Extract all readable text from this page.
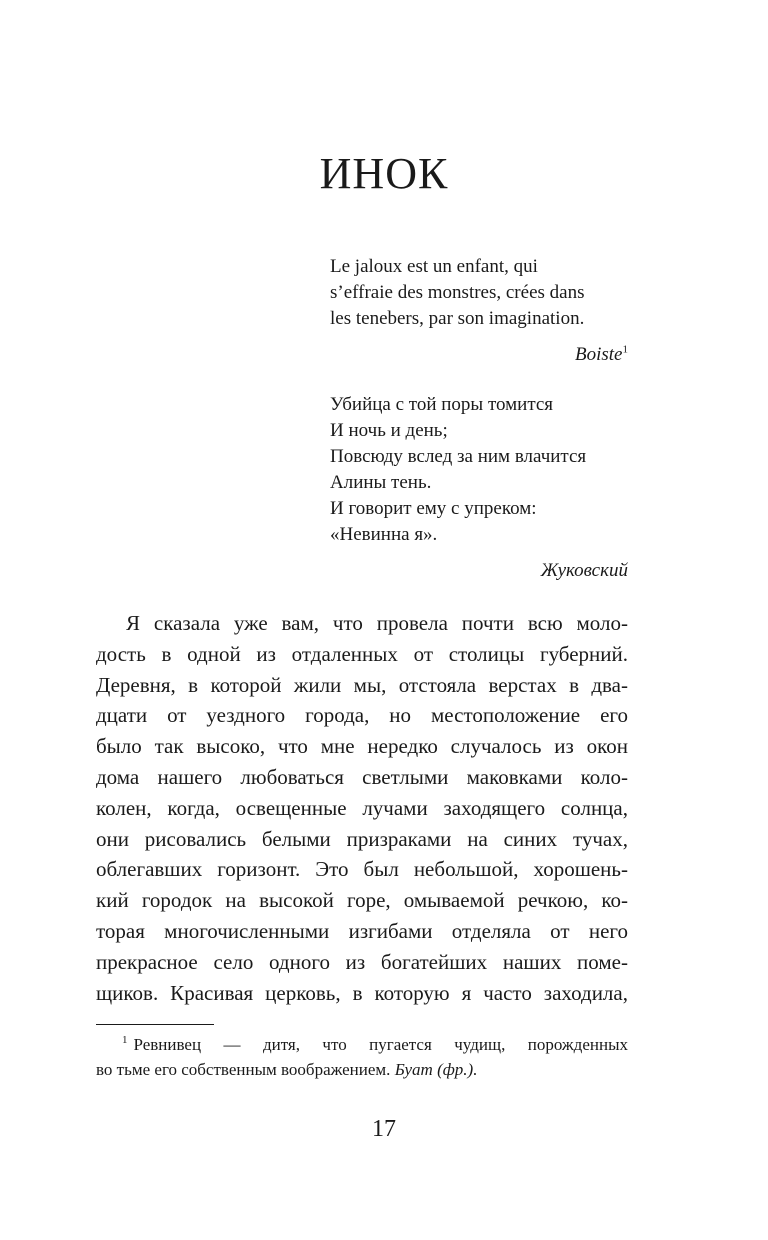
ИНОК
Le jaloux est un enfant, qui
s’effraie des monstres, crées dans
les tenebers, par son imagination.
Boiste$^1$
Убийца с той поры томится
И ночь и день;
Повсюду вслед за ним влачится
Алины тень.
И говорит ему с упреком:
«Невинна я».
Жуковский
Я сказала уже вам, что провела почти всю моло-
дость в одной из отдаленных от столицы губерний.
Деревня, в которой жили мы, отстояла верстах в два-
дцати от уездного города, но местоположение его
было так высоко, что мне нередко случалось из окон
дома нашего любоваться светлыми маковками коло-
колен, когда, освещенные лучами заходящего солнца,
они рисовались белыми призраками на синих тучах,
облегавших горизонт. Это был небольшой, хорошень-
кий городок на высокой горе, омываемой речкою, ко-
торая многочисленными изгибами отделяла от него
прекрасное село одного из богатейших наших поме-
щиков. Красивая церковь, в которую я часто заходила,
$^1$ Ревнивец — дитя, что пугается чудищ, порожденных
во тьме его собственным воображением. Буат (фр.).
17
